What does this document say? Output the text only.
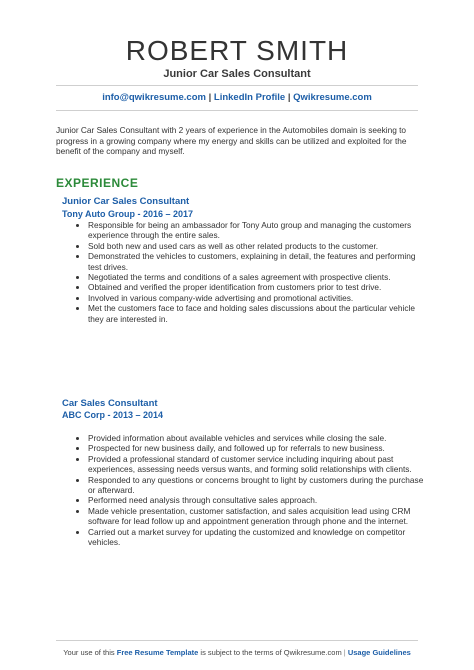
ROBERT SMITH
Junior Car Sales Consultant
info@qwikresume.com | LinkedIn Profile | Qwikresume.com
Junior Car Sales Consultant with 2 years of experience in the Automobiles domain is seeking to progress in a growing company where my energy and skills can be utilized and exploited for the benefit of the company and myself.
EXPERIENCE
Junior Car Sales Consultant
Tony Auto Group - 2016 – 2017
• Responsible for being an ambassador for Tony Auto group and managing the customers experience through the entire sales.
• Sold both new and used cars as well as other related products to the customer.
• Demonstrated the vehicles to customers, explaining in detail, the features and performing test drives.
• Negotiated the terms and conditions of a sales agreement with prospective clients.
• Obtained and verified the proper identification from customers prior to test drive.
• Involved in various company-wide advertising and promotional activities.
• Met the customers face to face and holding sales discussions about the particular vehicle they are interested in.
Car Sales Consultant
ABC Corp - 2013 – 2014
• Provided information about available vehicles and services while closing the sale.
• Prospected for new business daily, and followed up for referrals to new business.
• Provided a professional standard of customer service including inquiring about past experiences, assessing needs versus wants, and forming solid relationships with clients.
• Responded to any questions or concerns brought to light by customers during the purchase or afterward.
• Performed need analysis through consultative sales approach.
• Made vehicle presentation, customer satisfaction, and sales acquisition lead using CRM software for lead follow up and appointment generation through phone and the internet.
• Carried out a market survey for updating the customized and knowledge on competitor vehicles.
Your use of this Free Resume Template is subject to the terms of Qwikresume.com | Usage Guidelines
